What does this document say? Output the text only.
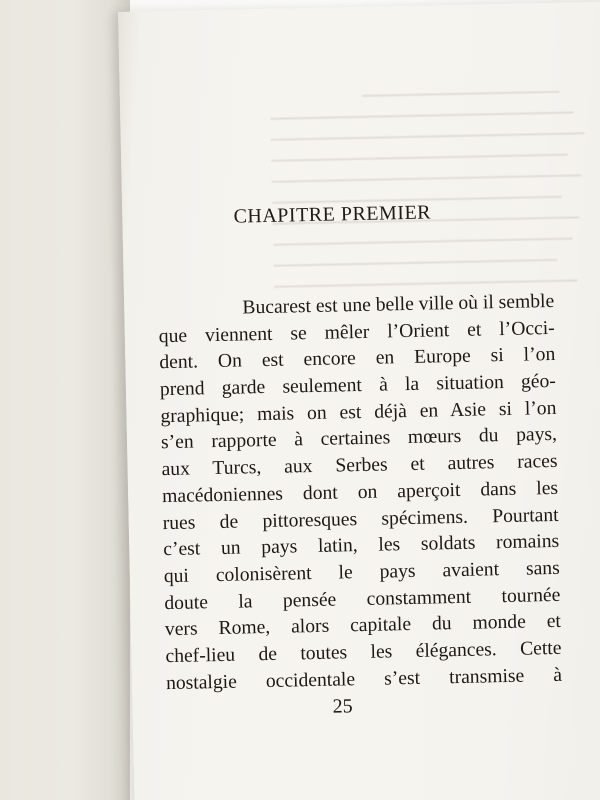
CHAPITRE PREMIER
Bucarest est une belle ville où il semble
que viennent se mêler l’Orient et l’Occi-
dent. On est encore en Europe si l’on
prend garde seulement à la situation géo-
graphique; mais on est déjà en Asie si l’on
s’en rapporte à certaines mœurs du pays,
aux Turcs, aux Serbes et autres races
macédoniennes dont on aperçoit dans les
rues de pittoresques spécimens. Pourtant
c’est un pays latin, les soldats romains
qui colonisèrent le pays avaient sans
doute la pensée constamment tournée
vers Rome, alors capitale du monde et
chef-lieu de toutes les élégances. Cette
nostalgie occidentale s’est transmise à
25
